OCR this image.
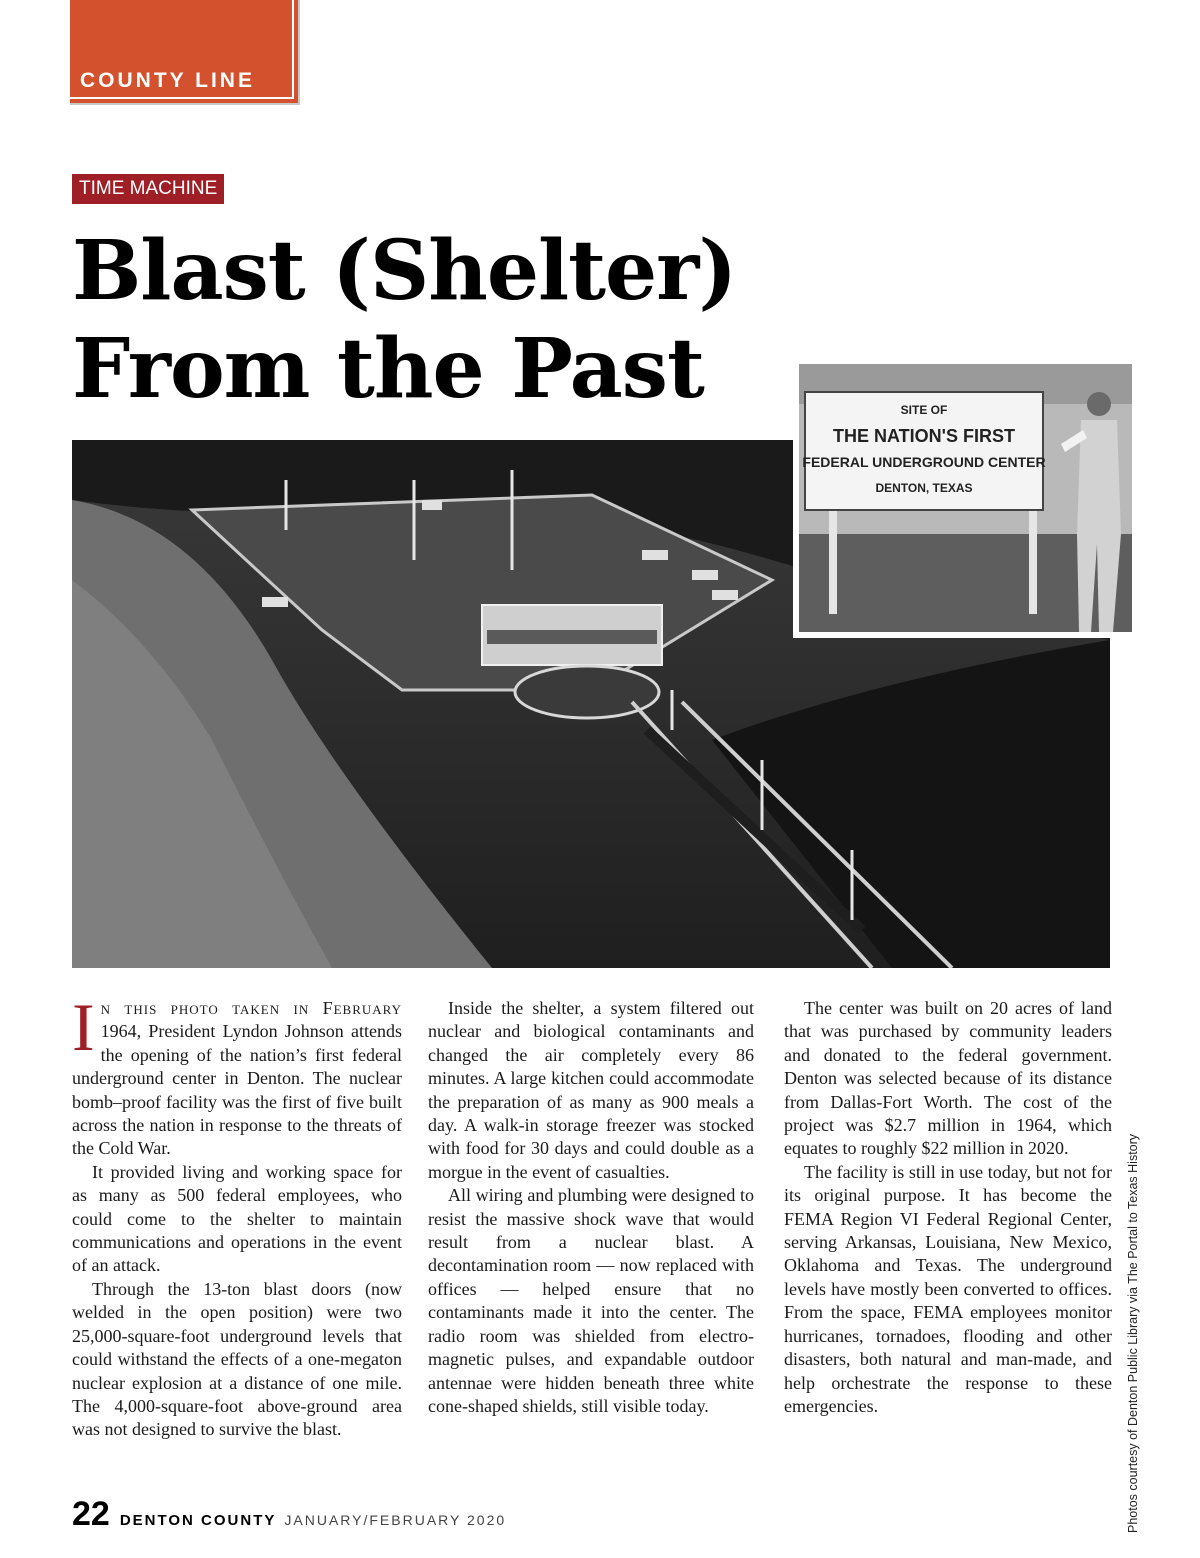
COUNTY LINE
TIME MACHINE
Blast (Shelter)
From the Past	SITE OF
THE NATION'S FIRST
FEDERAL UNDERGROUND CENTER
DENTON, TEXAS

In this photo taken in February 1964, President Lyndon Johnson attends the opening of the nation’s first federal underground center in Denton. The nuclear bomb–proof facility was the first of five built across the nation in response to the threats of the Cold War.

It provided living and working space for as many as 500 federal employees, who could come to the shelter to maintain communications and operations in the event of an attack.

Through the 13-ton blast doors (now welded in the open position) were two 25,000-square-foot underground levels that could withstand the effects of a one-megaton nuclear explosion at a distance of one mile. The 4,000-square-foot above-ground area was not designed to survive the blast.

Inside the shelter, a system filtered out nuclear and biological contaminants and changed the air completely every 86 minutes. A large kitchen could accommodate the preparation of as many as 900 meals a day. A walk-in storage freezer was stocked with food for 30 days and could double as a morgue in the event of casualties.

All wiring and plumbing were designed to resist the massive shock wave that would result from a nuclear blast. A decontamination room — now replaced with offices — helped ensure that no contaminants made it into the center. The radio room was shielded from electro-magnetic pulses, and expandable outdoor antennae were hidden beneath three white cone-shaped shields, still visible today.

The center was built on 20 acres of land that was purchased by community leaders and donated to the federal government. Denton was selected because of its distance from Dallas-Fort Worth. The cost of the project was $2.7 million in 1964, which equates to roughly $22 million in 2020.

The facility is still in use today, but not for its original purpose. It has become the FEMA Region VI Federal Regional Center, serving Arkansas, Louisiana, New Mexico, Oklahoma and Texas. The underground levels have mostly been converted to offices. From the space, FEMA employees monitor hurricanes, tornadoes, flooding and other disasters, both natural and man-made, and help orchestrate the response to these emergencies.	Photos courtesy of Denton Public Library via The Portal to Texas History
22 DENTON COUNTY JANUARY/FEBRUARY 2020
